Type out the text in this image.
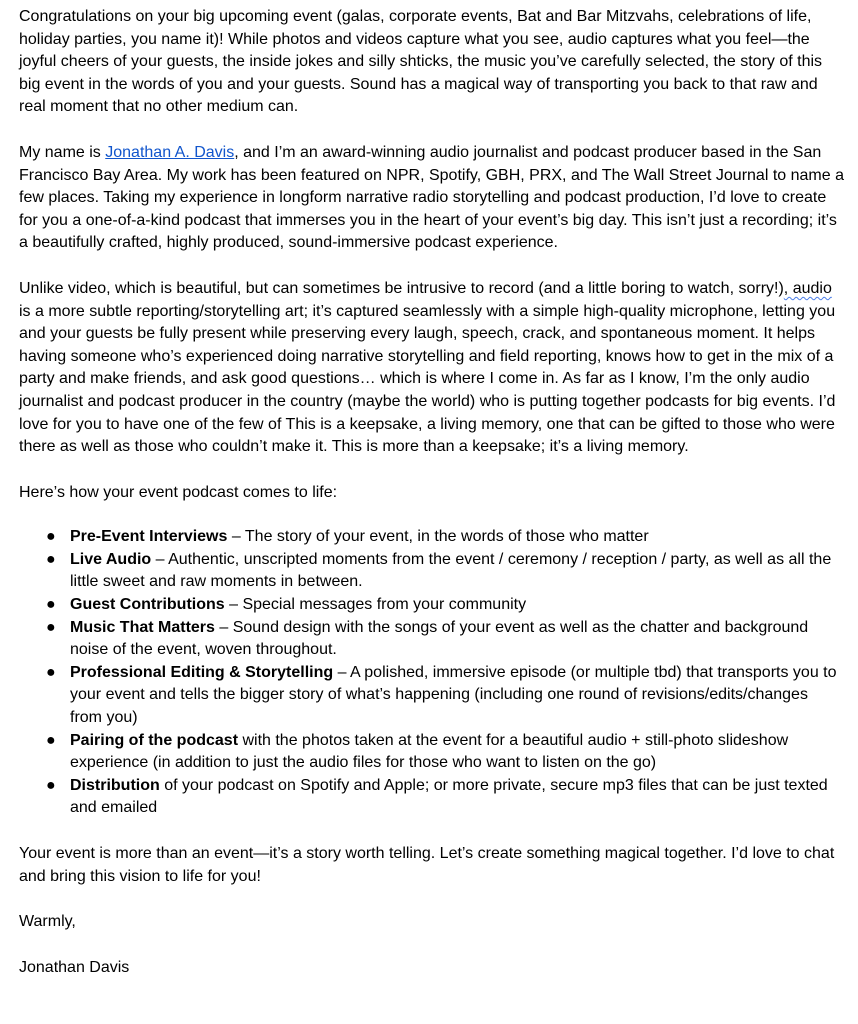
Congratulations on your big upcoming event (galas, corporate events, Bat and Bar Mitzvahs, celebrations of life, holiday parties, you name it)! While photos and videos capture what you see, audio captures what you feel—the joyful cheers of your guests, the inside jokes and silly shticks, the music you’ve carefully selected, the story of this big event in the words of you and your guests. Sound has a magical way of transporting you back to that raw and real moment that no other medium can.

My name is Jonathan A. Davis, and I’m an award-winning audio journalist and podcast producer based in the San Francisco Bay Area. My work has been featured on NPR, Spotify, GBH, PRX, and The Wall Street Journal to name a few places. Taking my experience in longform narrative radio storytelling and podcast production, I’d love to create for you a one-of-a-kind podcast that immerses you in the heart of your event’s big day. This isn’t just a recording; it’s a beautifully crafted, highly produced, sound-immersive podcast experience.

Unlike video, which is beautiful, but can sometimes be intrusive to record (and a little boring to watch, sorry!), audio is a more subtle reporting/storytelling art; it’s captured seamlessly with a simple high-quality microphone, letting you and your guests be fully present while preserving every laugh, speech, crack, and spontaneous moment. It helps having someone who’s experienced doing narrative storytelling and field reporting, knows how to get in the mix of a party and make friends, and ask good questions… which is where I come in. As far as I know, I’m the only audio journalist and podcast producer in the country (maybe the world) who is putting together podcasts for big events. I’d love for you to have one of the few of This is a keepsake, a living memory, one that can be gifted to those who were there as well as those who couldn’t make it. This is more than a keepsake; it’s a living memory.

Here’s how your event podcast comes to life:

● Pre-Event Interviews – The story of your event, in the words of those who matter
● Live Audio – Authentic, unscripted moments from the event / ceremony / reception / party, as well as all the little sweet and raw moments in between.
● Guest Contributions – Special messages from your community
● Music That Matters – Sound design with the songs of your event as well as the chatter and background noise of the event, woven throughout.
● Professional Editing & Storytelling – A polished, immersive episode (or multiple tbd) that transports you to your event and tells the bigger story of what’s happening (including one round of revisions/edits/changes from you)
● Pairing of the podcast with the photos taken at the event for a beautiful audio + still-photo slideshow experience (in addition to just the audio files for those who want to listen on the go)
● Distribution of your podcast on Spotify and Apple; or more private, secure mp3 files that can be just texted and emailed

Your event is more than an event—it’s a story worth telling. Let’s create something magical together. I’d love to chat and bring this vision to life for you!

Warmly,

Jonathan Davis
